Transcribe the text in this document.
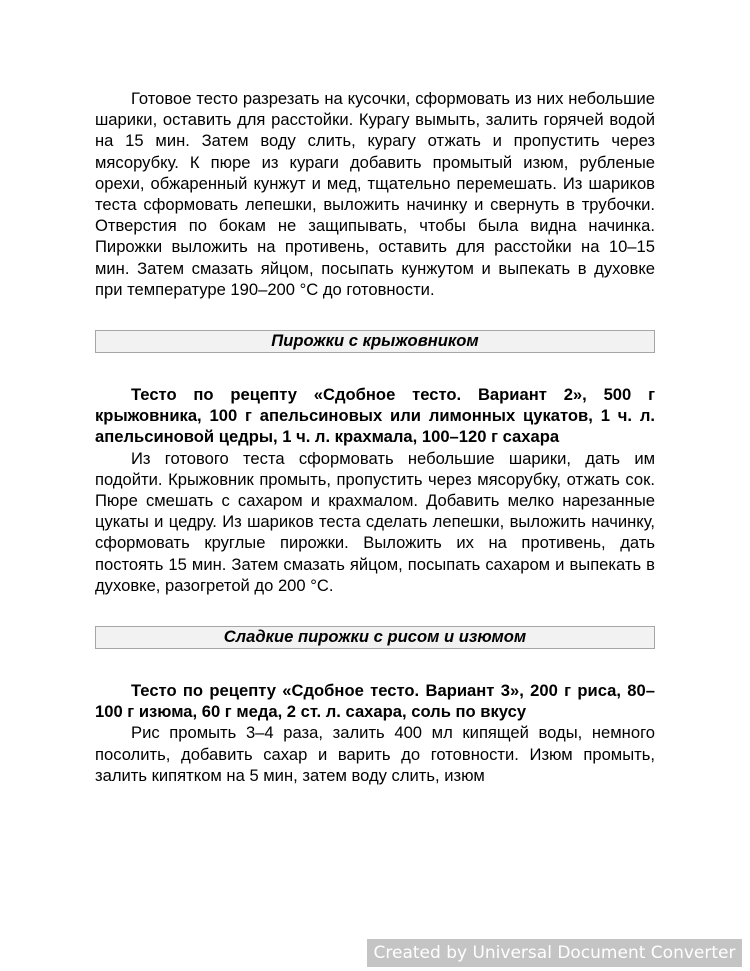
Готовое тесто разрезать на кусочки, сформовать из них небольшие шарики, оставить для расстойки. Курагу вымыть, залить горячей водой на 15 мин. Затем воду слить, курагу отжать и пропустить через мясорубку. К пюре из кураги добавить промытый изюм, рубленые орехи, обжаренный кунжут и мед, тщательно перемешать. Из шариков теста сформовать лепешки, выложить начинку и свернуть в трубочки. Отверстия по бокам не защипывать, чтобы была видна начинка. Пирожки выложить на противень, оставить для расстойки на 10–15 мин. Затем смазать яйцом, посыпать кунжутом и выпекать в духовке при температуре 190–200 °C до готовности.

Пирожки с крыжовником

Тесто по рецепту «Сдобное тесто. Вариант 2», 500 г крыжовника, 100 г апельсиновых или лимонных цукатов, 1 ч. л. апельсиновой цедры, 1 ч. л. крахмала, 100–120 г сахара

Из готового теста сформовать небольшие шарики, дать им подойти. Крыжовник промыть, пропустить через мясорубку, отжать сок. Пюре смешать с сахаром и крахмалом. Добавить мелко нарезанные цукаты и цедру. Из шариков теста сделать лепешки, выложить начинку, сформовать круглые пирожки. Выложить их на противень, дать постоять 15 мин. Затем смазать яйцом, посыпать сахаром и выпекать в духовке, разогретой до 200 °C.

Сладкие пирожки с рисом и изюмом

Тесто по рецепту «Сдобное тесто. Вариант 3», 200 г риса, 80–100 г изюма, 60 г меда, 2 ст. л. сахара, соль по вкусу

Рис промыть 3–4 раза, залить 400 мл кипящей воды, немного посолить, добавить сахар и варить до готовности. Изюм промыть, залить кипятком на 5 мин, затем воду слить, изюм

Created by Universal Document Converter
